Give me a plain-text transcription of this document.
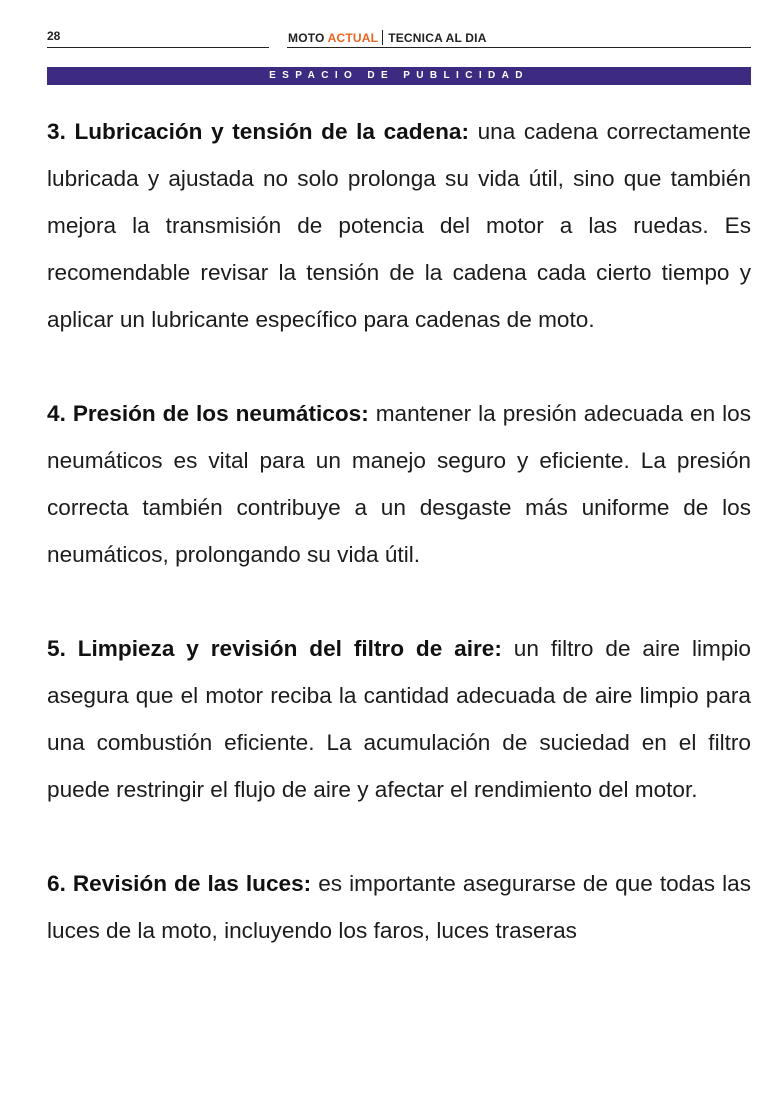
28	MOTO ACTUAL TECNICA AL DIA
ESPACIO DE PUBLICIDAD

3. Lubricación y tensión de la cadena: una cadena correctamente lubricada y ajustada no solo prolonga su vida útil, sino que también mejora la transmisión de potencia del motor a las ruedas. Es recomendable revisar la tensión de la cadena cada cierto tiempo y aplicar un lubricante específico para cadenas de moto.

4. Presión de los neumáticos: mantener la presión adecuada en los neumáticos es vital para un manejo seguro y eficiente. La presión correcta también contribuye a un desgaste más uniforme de los neumáticos, prolongando su vida útil.

5. Limpieza y revisión del filtro de aire: un filtro de aire limpio asegura que el motor reciba la cantidad adecuada de aire limpio para una combustión eficiente. La acumulación de suciedad en el filtro puede restringir el flujo de aire y afectar el rendimiento del motor.

6. Revisión de las luces: es importante asegurarse de que todas las luces de la moto, incluyendo los faros, luces traseras
